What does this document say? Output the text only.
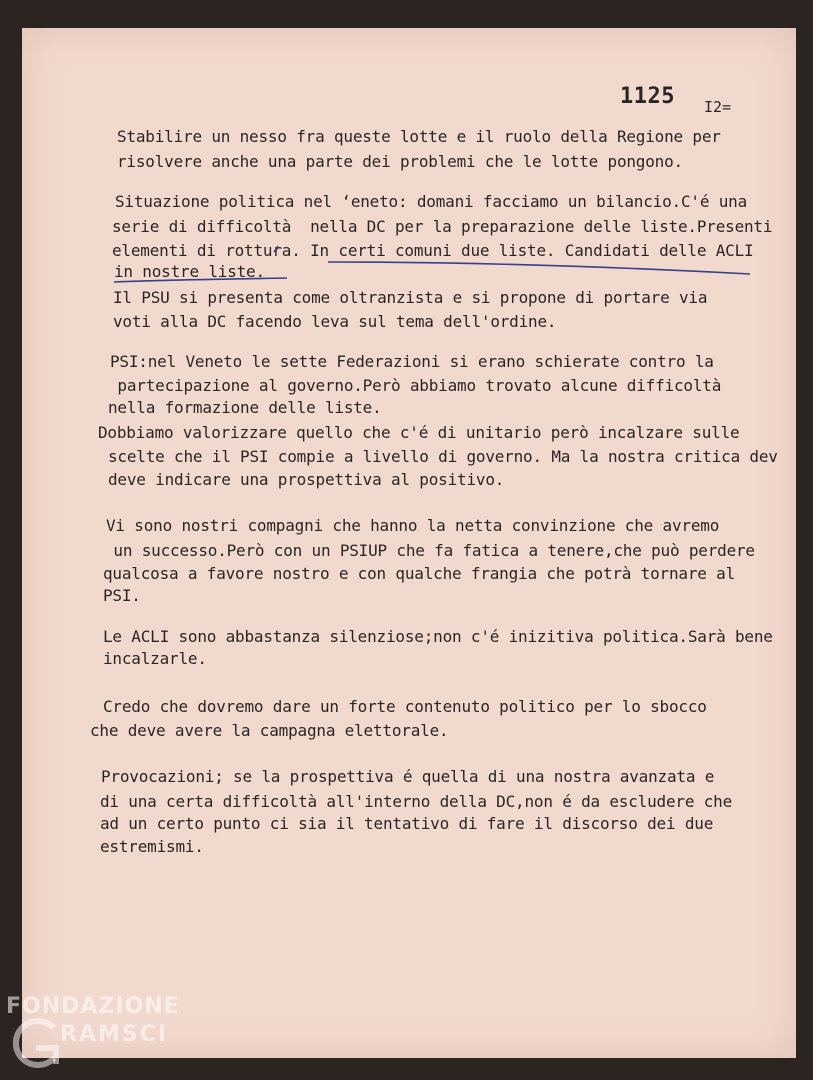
1125 I2=
Stabilire un nesso fra queste lotte e il ruolo della Regione per
risolvere anche una parte dei problemi che le lotte pongono.
Situazione politica nel ʻeneto: domani facciamo un bilancio.C'é una
serie di difficoltà  nella DC per la preparazione delle liste.Presenti
elementi di rottura. In certi comuni due liste. Candidati delle ACLI
in nostre liste.
Il PSU si presenta come oltranzista e si propone di portare via
voti alla DC facendo leva sul tema dell'ordine.
PSI:nel Veneto le sette Federazioni si erano schierate contro la
partecipazione al governo.Però abbiamo trovato alcune difficoltà
nella formazione delle liste.
Dobbiamo valorizzare quello che c'é di unitario però incalzare sulle
scelte che il PSI compie a livello di governo. Ma la nostra critica dev
deve indicare una prospettiva al positivo.
Vi sono nostri compagni che hanno la netta convinzione che avremo
un successo.Però con un PSIUP che fa fatica a tenere,che può perdere
qualcosa a favore nostro e con qualche frangia che potrà tornare al
PSI.
Le ACLI sono abbastanza silenziose;non c'é inizitiva politica.Sarà bene
incalzarle.
Credo che dovremo dare un forte contenuto politico per lo sbocco
che deve avere la campagna elettorale.
Provocazioni; se la prospettiva é quella di una nostra avanzata e
di una certa difficoltà all'interno della DC,non é da escludere che
ad un certo punto ci sia il tentativo di fare il discorso dei due
estremismi.
FONDAZIONE
RAMSCI
